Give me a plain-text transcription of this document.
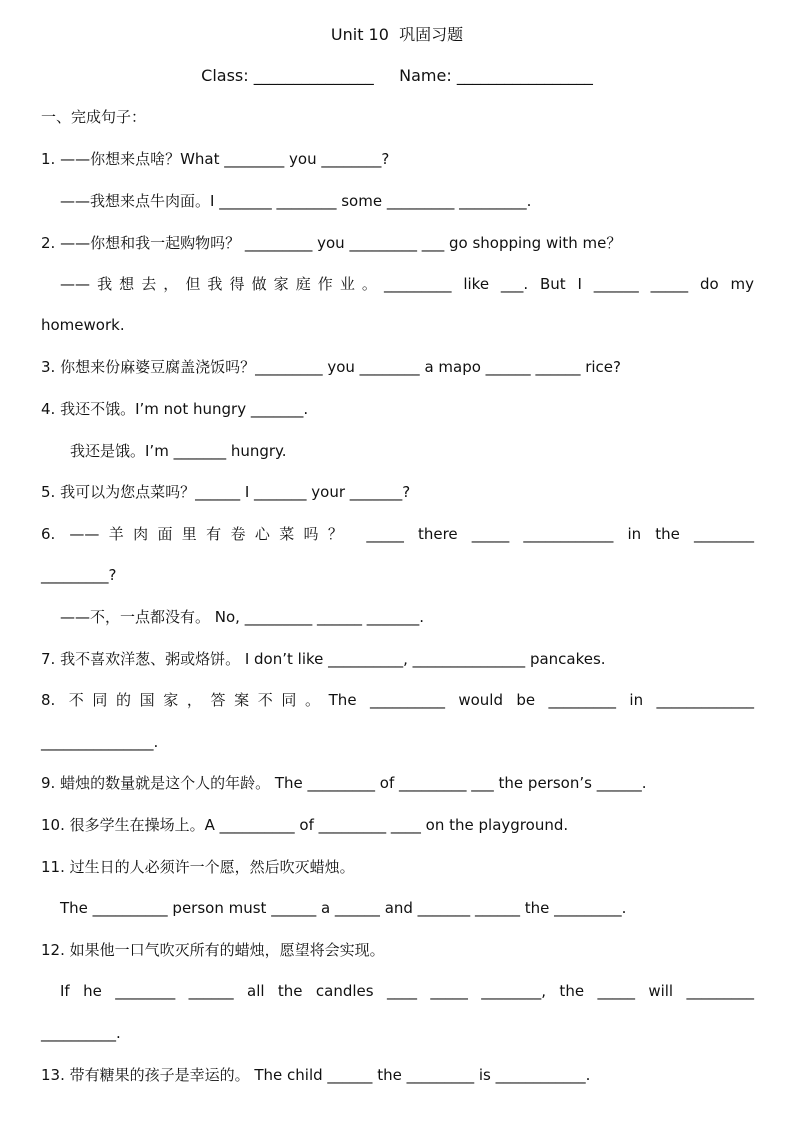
Unit 10  巩固习题
Class: _______________     Name: _________________
一、完成句子：
1. ——你想来点啥？What ________ you ________?
——我想来点牛肉面。I _______ ________ some _________ _________.
2. ——你想和我一起购物吗？ _________ you _________ ___ go shopping with me？
——我想去，但我得做家庭作业。_________ like ___. But I ______ _____ do my
homework.
3. 你想来份麻婆豆腐盖浇饭吗？_________ you ________ a mapo ______ ______ rice?
4. 我还不饿。I’m not hungry _______.
我还是饿。I’m _______ hungry.
5. 我可以为您点菜吗？______ I _______ your _______?
6. ——羊肉面里有卷心菜吗？ _____ there _____ ____________ in the ________
_________?
——不，一点都没有。 No, _________ ______ _______.
7. 我不喜欢洋葱、粥或烙饼。 I don’t like __________, _______________ pancakes.
8. 不同的国家，答案不同。The __________ would be _________ in _____________
_______________.
9. 蜡烛的数量就是这个人的年龄。 The _________ of _________ ___ the person’s ______.
10. 很多学生在操场上。A __________ of _________ ____ on the playground.
11. 过生日的人必须许一个愿，然后吹灭蜡烛。
The __________ person must ______ a ______ and _______ ______ the _________.
12. 如果他一口气吹灭所有的蜡烛，愿望将会实现。
If he ________ ______ all the candles ____ _____ ________, the _____ will _________
__________.
13. 带有糖果的孩子是幸运的。 The child ______ the _________ is ____________.
